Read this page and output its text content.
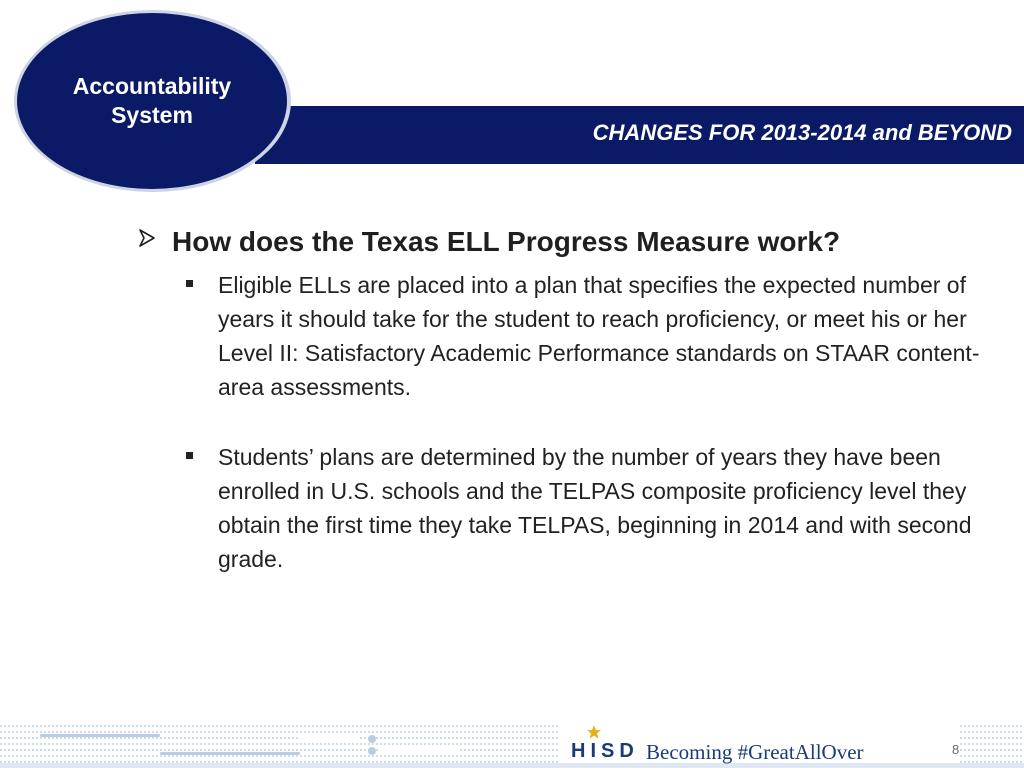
CHANGES FOR 2013-2014 and BEYOND
Accountability
System
How does the Texas ELL Progress Measure work?
Eligible ELLs are placed into a plan that specifies the expected number of years it should take for the student to reach proficiency, or meet his or her Level II: Satisfactory Academic Performance standards on STAAR content-area assessments.
Students’ plans are determined by the number of years they have been enrolled in U.S. schools and the TELPAS composite proficiency level they obtain the first time they take TELPAS, beginning in 2014 and with second grade.
HISD Becoming #GreatAllOver	8
